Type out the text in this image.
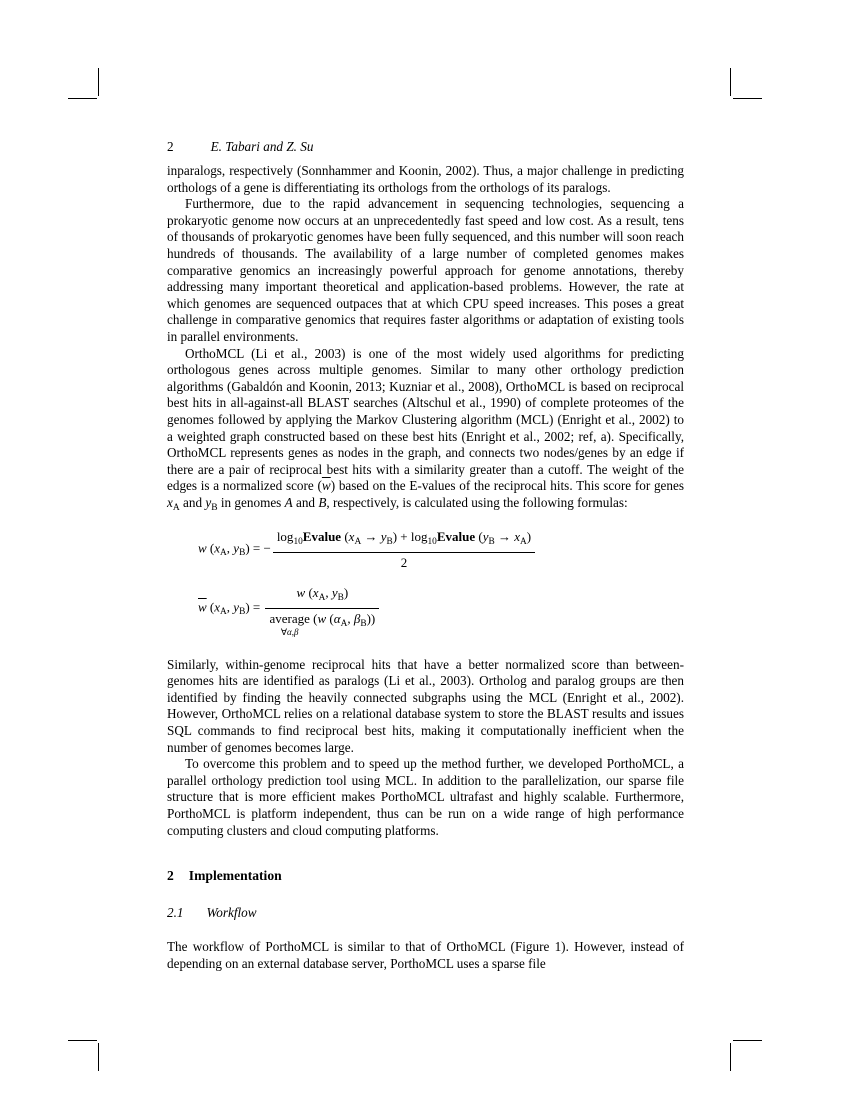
2	E. Tabari and Z. Su

inparalogs, respectively (Sonnhammer and Koonin, 2002). Thus, a major challenge in predicting orthologs of a gene is differentiating its orthologs from the orthologs of its paralogs.

Furthermore, due to the rapid advancement in sequencing technologies, sequencing a prokaryotic genome now occurs at an unprecedentedly fast speed and low cost. As a result, tens of thousands of prokaryotic genomes have been fully sequenced, and this number will soon reach hundreds of thousands. The availability of a large number of completed genomes makes comparative genomics an increasingly powerful approach for genome annotations, thereby addressing many important theoretical and application-based problems. However, the rate at which genomes are sequenced outpaces that at which CPU speed increases. This poses a great challenge in comparative genomics that requires faster algorithms or adaptation of existing tools in parallel environments.

OrthoMCL (Li et al., 2003) is one of the most widely used algorithms for predicting orthologous genes across multiple genomes. Similar to many other orthology prediction algorithms (Gabaldón and Koonin, 2013; Kuzniar et al., 2008), OrthoMCL is based on reciprocal best hits in all-against-all BLAST searches (Altschul et al., 1990) of complete proteomes of the genomes followed by applying the Markov Clustering algorithm (MCL) (Enright et al., 2002) to a weighted graph constructed based on these best hits (Enright et al., 2002; ref, a). Specifically, OrthoMCL represents genes as nodes in the graph, and connects two nodes/genes by an edge if there are a pair of reciprocal best hits with a similarity greater than a cutoff. The weight of the edges is a normalized score $(\overline{w})$ based on the E-values of the reciprocal hits. This score for genes $x_A$ and $y_B$ in genomes A and B, respectively, is calculated using the following formulas:

w ($x_A$, $y_B$) = − $\frac{\log_{10}Evalue (x_A \to y_B) + \log_{10}Evalue (y_B \to x_A)}{2}$
$\overline{w}$ ($x_A$, $y_B) = w$ ($x_A$, $y_B$)
average
∀α,β
(w ($\alpha_A$, $\beta_B$))

Similarly, within-genome reciprocal hits that have a better normalized score than between-genomes hits are identified as paralogs (Li et al., 2003). Ortholog and paralog groups are then identified by finding the heavily connected subgraphs using the MCL (Enright et al., 2002). However, OrthoMCL relies on a relational database system to store the BLAST results and issues SQL commands to find reciprocal best hits, making it computationally inefficient when the number of genomes becomes large.

To overcome this problem and to speed up the method further, we developed PorthoMCL, a parallel orthology prediction tool using MCL. In addition to the parallelization, our sparse file structure that is more efficient makes PorthoMCL ultrafast and highly scalable. Furthermore, PorthoMCL is platform independent, thus can be run on a wide range of high performance computing clusters and cloud computing platforms.

2 Implementation
2.1 Workflow

The workflow of PorthoMCL is similar to that of OrthoMCL (Figure 1). However, instead of depending on an external database server, PorthoMCL uses a sparse file
